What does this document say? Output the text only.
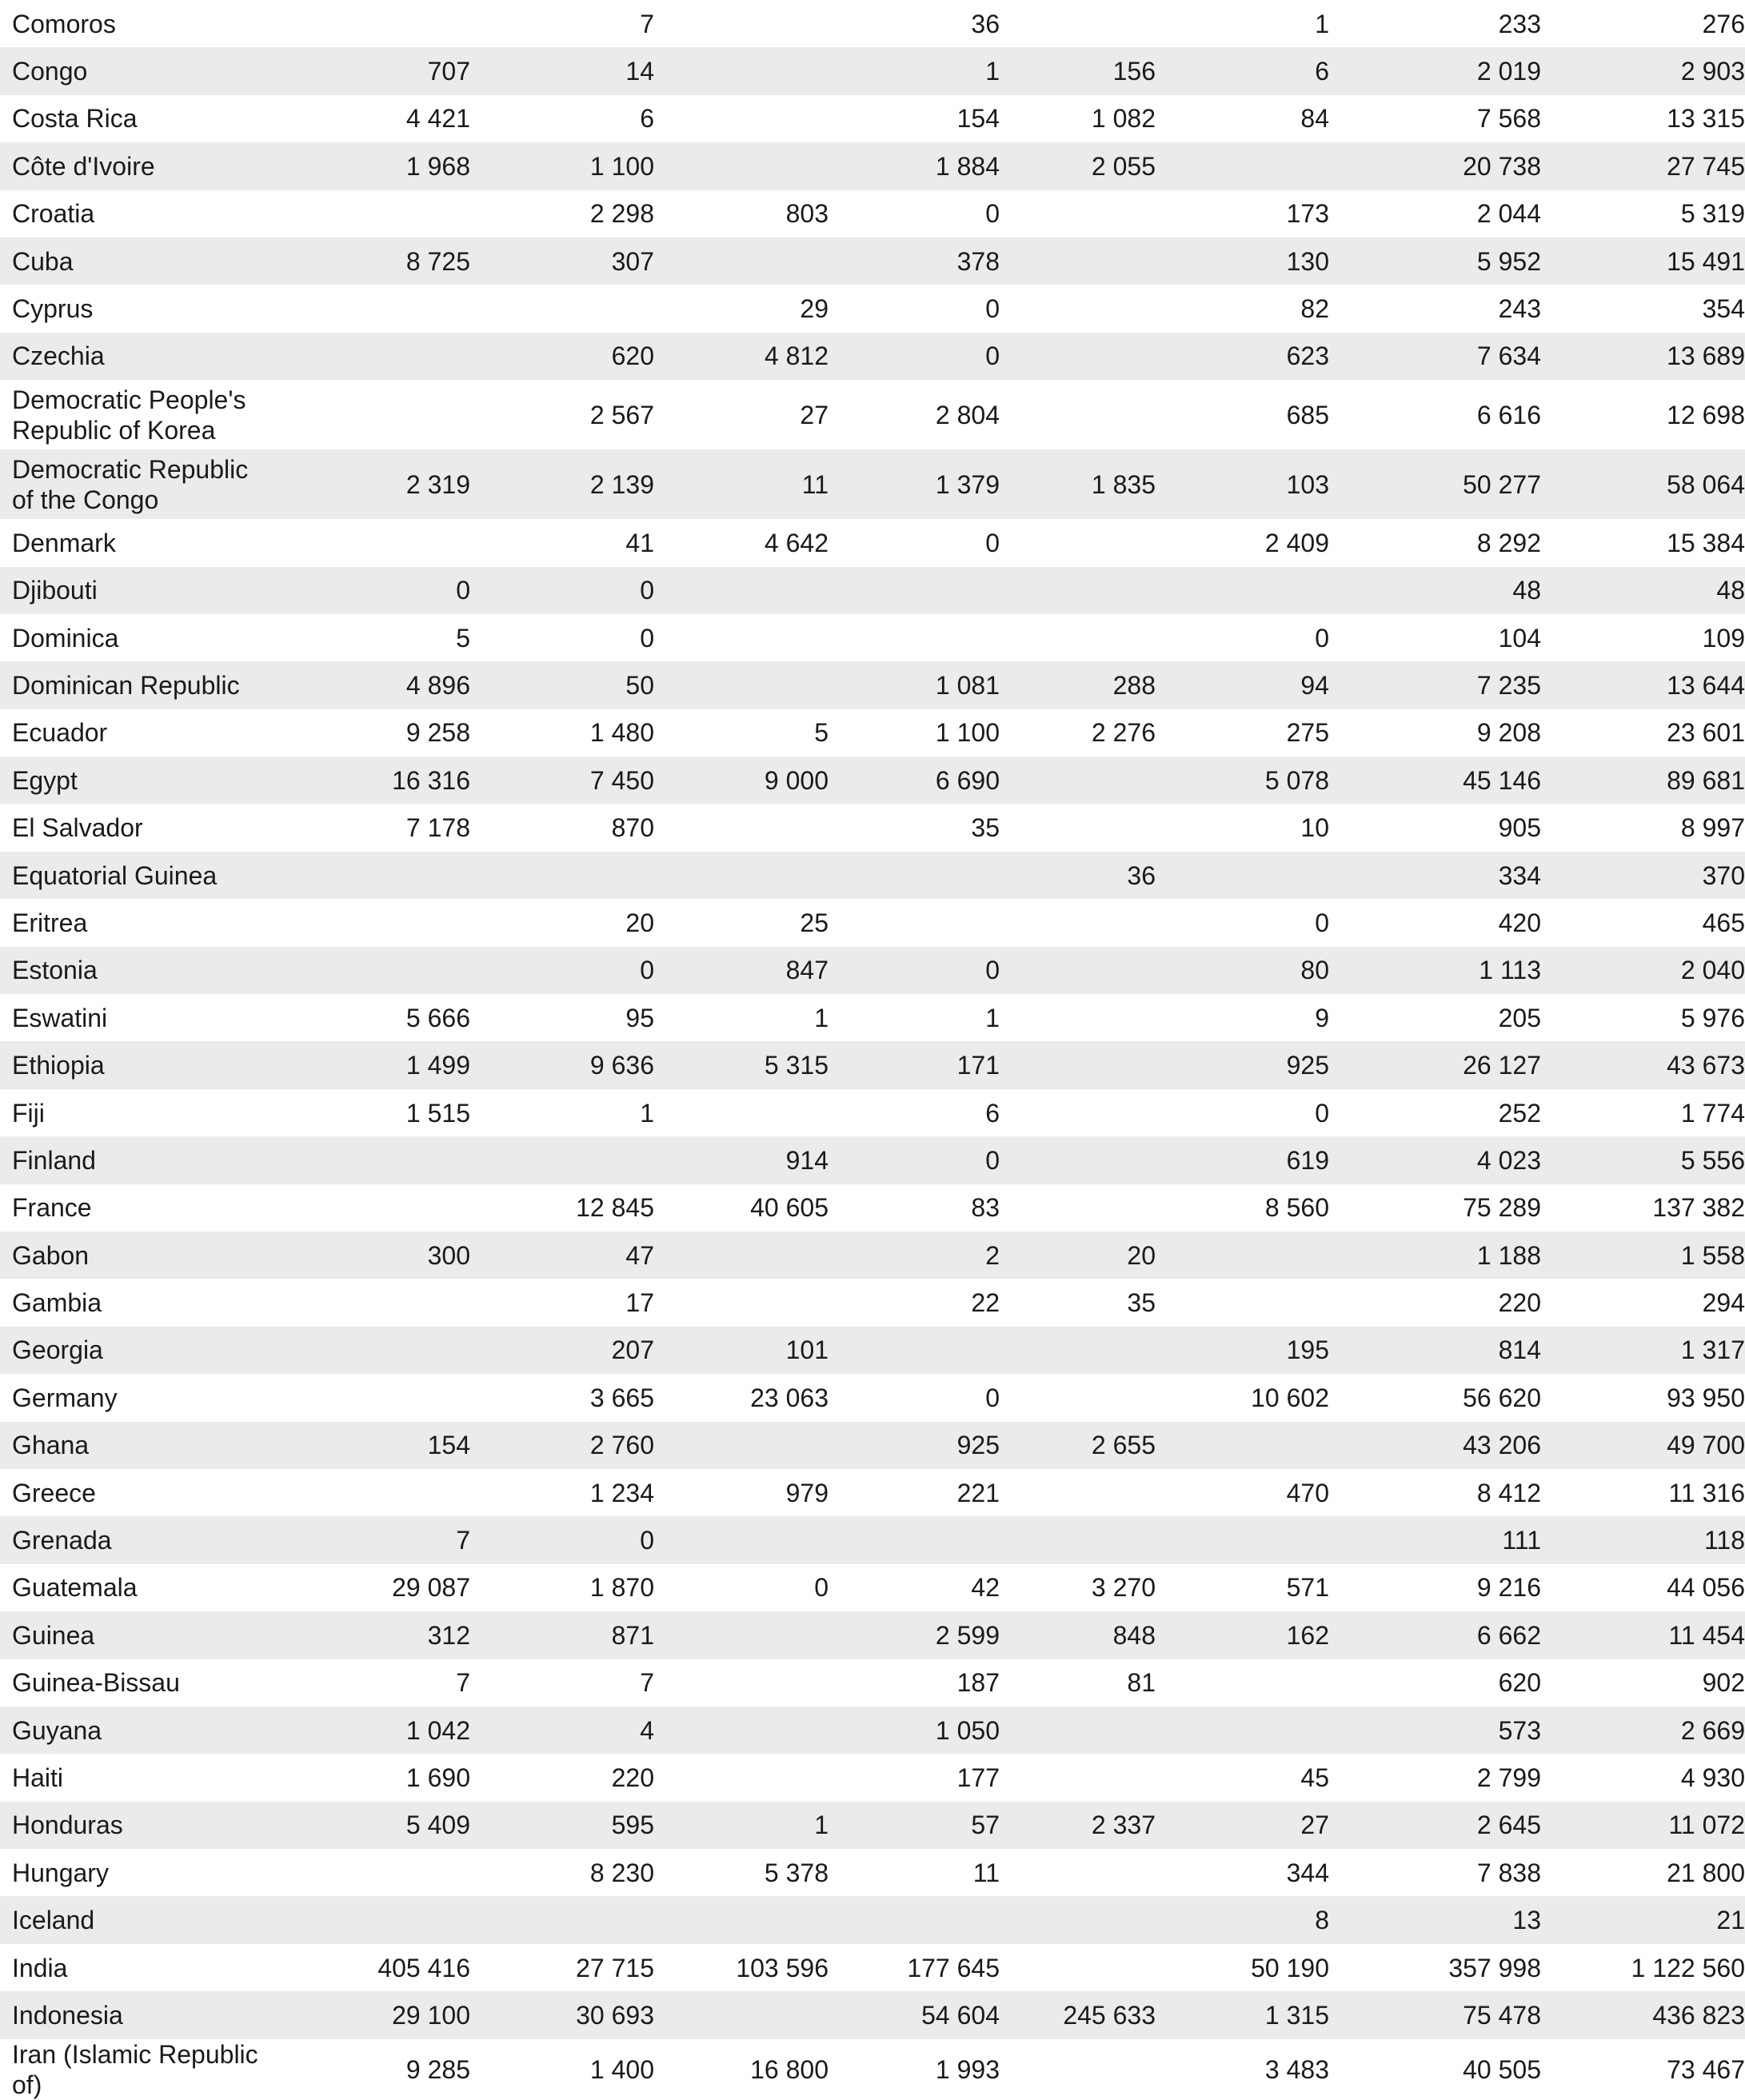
Comoros		7		36		1	233	276
Congo	707	14		1	156	6	2 019	2 903
Costa Rica	4 421	6		154	1 082	84	7 568	13 315
Côte d'Ivoire	1 968	1 100		1 884	2 055		20 738	27 745
Croatia		2 298	803	0		173	2 044	5 319
Cuba	8 725	307		378		130	5 952	15 491
Cyprus			29	0		82	243	354
Czechia		620	4 812	0		623	7 634	13 689
Democratic People's Republic of Korea		2 567	27	2 804		685	6 616	12 698
Democratic Republic of the Congo	2 319	2 139	11	1 379	1 835	103	50 277	58 064
Denmark		41	4 642	0		2 409	8 292	15 384
Djibouti	0	0					48	48
Dominica	5	0				0	104	109
Dominican Republic	4 896	50		1 081	288	94	7 235	13 644
Ecuador	9 258	1 480	5	1 100	2 276	275	9 208	23 601
Egypt	16 316	7 450	9 000	6 690		5 078	45 146	89 681
El Salvador	7 178	870		35		10	905	8 997
Equatorial Guinea					36		334	370
Eritrea		20	25			0	420	465
Estonia		0	847	0		80	1 113	2 040
Eswatini	5 666	95	1	1		9	205	5 976
Ethiopia	1 499	9 636	5 315	171		925	26 127	43 673
Fiji	1 515	1		6		0	252	1 774
Finland			914	0		619	4 023	5 556
France		12 845	40 605	83		8 560	75 289	137 382
Gabon	300	47		2	20		1 188	1 558
Gambia		17		22	35		220	294
Georgia		207	101			195	814	1 317
Germany		3 665	23 063	0		10 602	56 620	93 950
Ghana	154	2 760		925	2 655		43 206	49 700
Greece		1 234	979	221		470	8 412	11 316
Grenada	7	0					111	118
Guatemala	29 087	1 870	0	42	3 270	571	9 216	44 056
Guinea	312	871		2 599	848	162	6 662	11 454
Guinea-Bissau	7	7		187	81		620	902
Guyana	1 042	4		1 050			573	2 669
Haiti	1 690	220		177		45	2 799	4 930
Honduras	5 409	595	1	57	2 337	27	2 645	11 072
Hungary		8 230	5 378	11		344	7 838	21 800
Iceland						8	13	21
India	405 416	27 715	103 596	177 645		50 190	357 998	1 122 560
Indonesia	29 100	30 693		54 604	245 633	1 315	75 478	436 823
Iran (Islamic Republic of)	9 285	1 400	16 800	1 993		3 483	40 505	73 467
